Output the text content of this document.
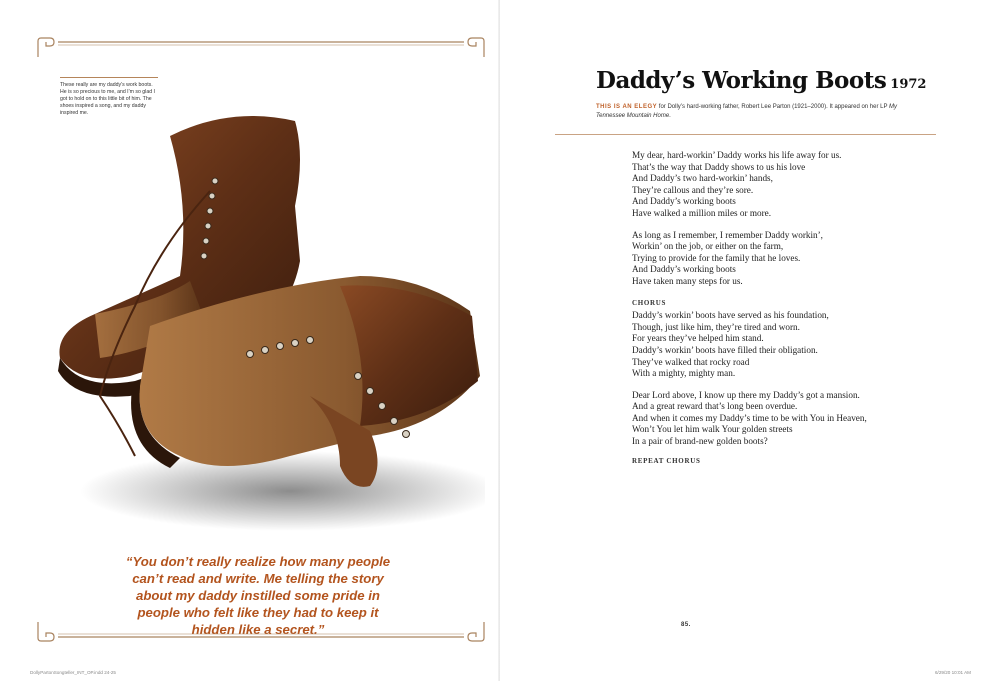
These really are my daddy's work boots. He is so precious to me, and I'm so glad I got to hold on to this little bit of him. The shoes inspired a song, and my daddy inspired me.

“You don’t really realize how many people can’t read and write. Me telling the story about my daddy instilled some pride in people who felt like they had to keep it hidden like a secret.”

DollyPartonSongteller_INT_OP.indd 24-25
Daddy’s Working Boots 1972

THIS IS AN ELEGY for Dolly’s hard-working father, Robert Lee Parton (1921–2000). It appeared on her LP My Tennessee Mountain Home.

My dear, hard-workin’ Daddy works his life away for us.
That’s the way that Daddy shows to us his love
And Daddy’s two hard-workin’ hands,
They’re callous and they’re sore.
And Daddy’s working boots
Have walked a million miles or more.
As long as I remember, I remember Daddy workin’,
Workin’ on the job, or either on the farm,
Trying to provide for the family that he loves.
And Daddy’s working boots
Have taken many steps for us.
CHORUS
Daddy’s workin’ boots have served as his foundation,
Though, just like him, they’re tired and worn.
For years they’ve helped him stand.
Daddy’s workin’ boots have filled their obligation.
They’ve walked that rocky road
With a mighty, mighty man.
Dear Lord above, I know up there my Daddy’s got a mansion.
And a great reward that’s long been overdue.
And when it comes my Daddy’s time to be with You in Heaven,
Won’t You let him walk Your golden streets
In a pair of brand-new golden boots?
REPEAT CHORUS
85.
6/29/20 10:01 AM
